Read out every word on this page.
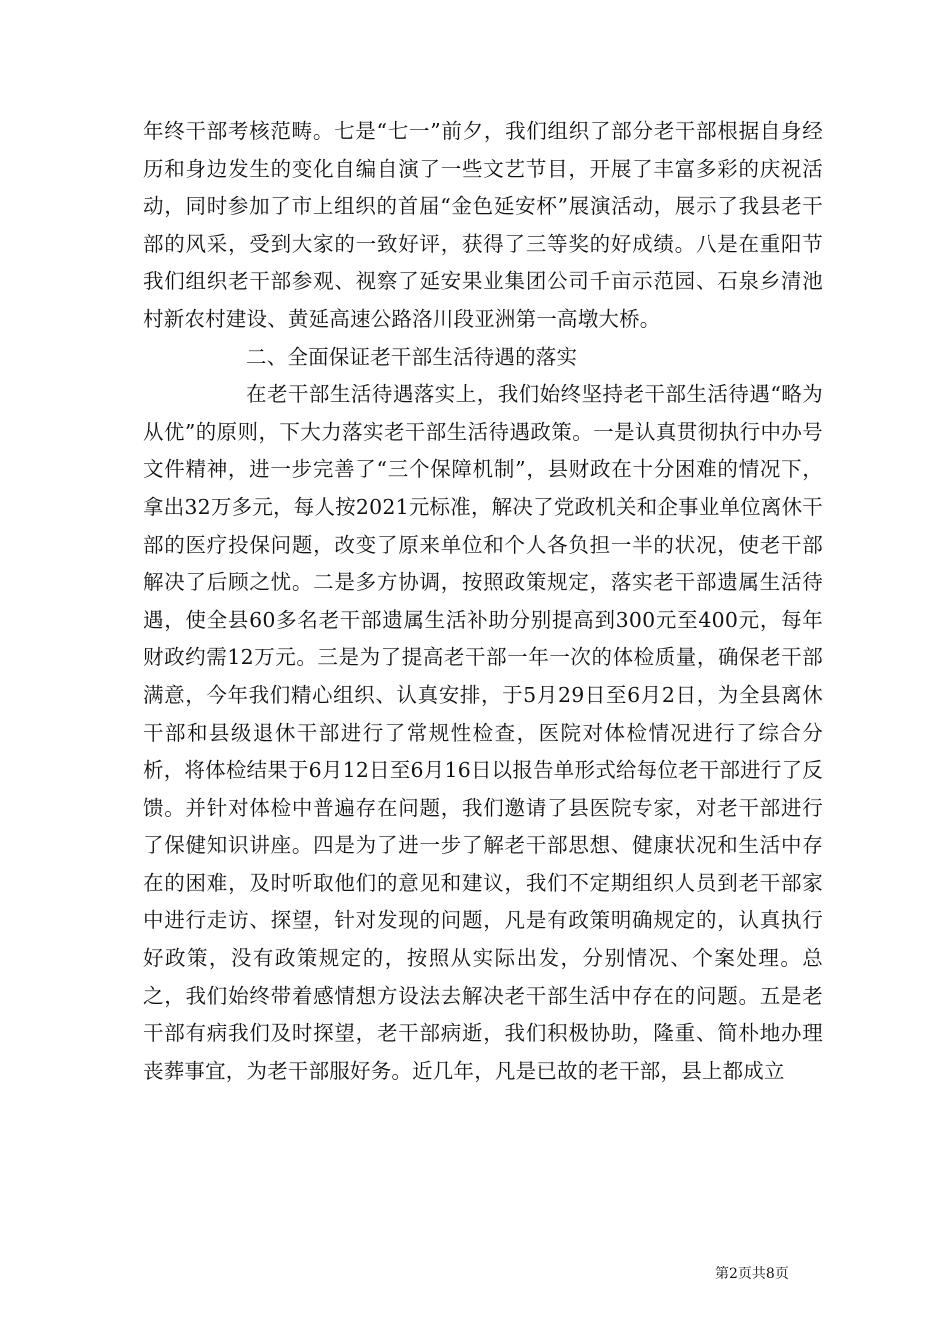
年终干部考核范畴。七是“七一”前夕，我们组织了部分老干部根据自身经历和身边发生的变化自编自演了一些文艺节目，开展了丰富多彩的庆祝活动，同时参加了市上组织的首届“金色延安杯”展演活动，展示了我县老干部的风采，受到大家的一致好评，获得了三等奖的好成绩。八是在重阳节我们组织老干部参观、视察了延安果业集团公司千亩示范园、石泉乡清池村新农村建设、黄延高速公路洛川段亚洲第一高墩大桥。

二、全面保证老干部生活待遇的落实

在老干部生活待遇落实上，我们始终坚持老干部生活待遇“略为从优”的原则，下大力落实老干部生活待遇政策。一是认真贯彻执行中办号文件精神，进一步完善了“三个保障机制”，县财政在十分困难的情况下，拿出32万多元，每人按2021元标准，解决了党政机关和企事业单位离休干部的医疗投保问题，改变了原来单位和个人各负担一半的状况，使老干部解决了后顾之忧。二是多方协调，按照政策规定，落实老干部遗属生活待遇，使全县60多名老干部遗属生活补助分别提高到300元至400元，每年财政约需12万元。三是为了提高老干部一年一次的体检质量，确保老干部满意，今年我们精心组织、认真安排，于5月29日至6月2日，为全县离休干部和县级退休干部进行了常规性检查，医院对体检情况进行了综合分析，将体检结果于6月12日至6月16日以报告单形式给每位老干部进行了反馈。并针对体检中普遍存在问题，我们邀请了县医院专家，对老干部进行了保健知识讲座。四是为了进一步了解老干部思想、健康状况和生活中存在的困难，及时听取他们的意见和建议，我们不定期组织人员到老干部家中进行走访、探望，针对发现的问题，凡是有政策明确规定的，认真执行好政策，没有政策规定的，按照从实际出发，分别情况、个案处理。总之，我们始终带着感情想方设法去解决老干部生活中存在的问题。五是老干部有病我们及时探望，老干部病逝，我们积极协助，隆重、简朴地办理丧葬事宜，为老干部服好务。近几年，凡是已故的老干部，县上都成立

第2页共8页
